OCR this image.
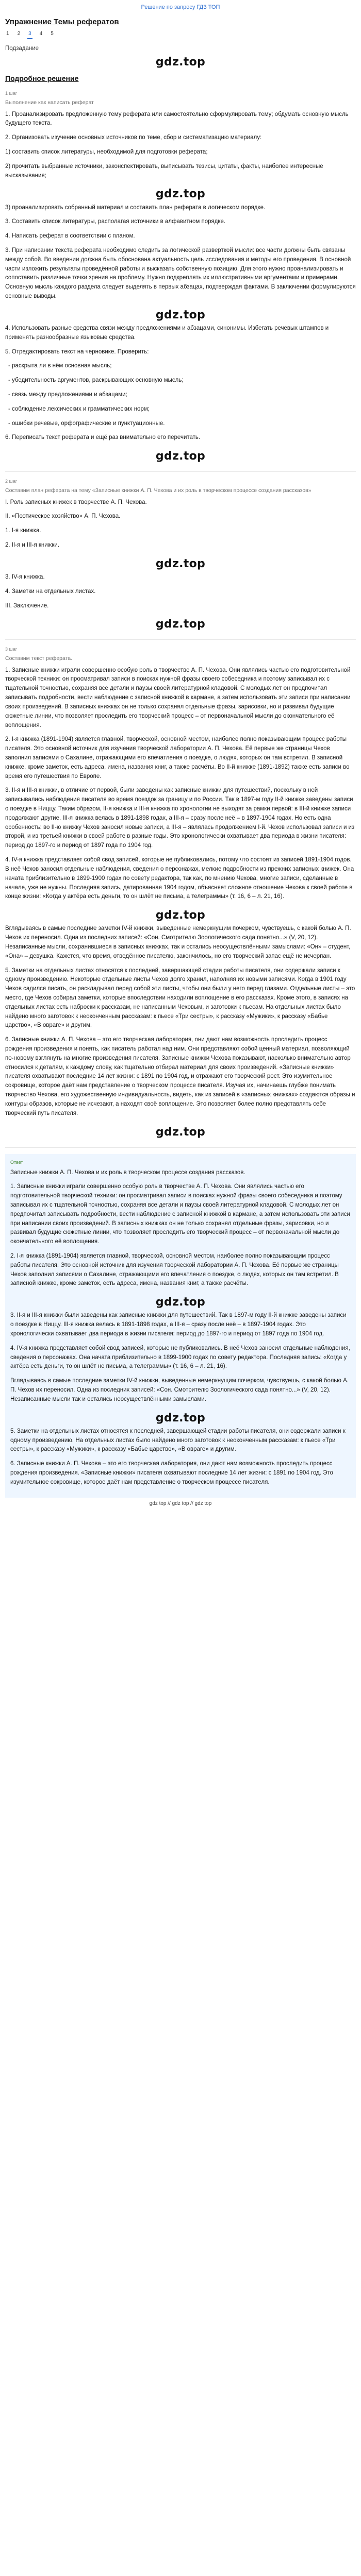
Решение по запросу ГДЗ ТОП
Упражнение Темы рефератов
1 2 3 4 5
Подзадание
gdz.top
Подробное решение
1 шаг
Выполнение как написать реферат

1. Проанализировать предложенную тему реферата или самостоятельно сформулировать тему; обдумать основную мысль будущего текста.

2. Организовать изучение основных источников по теме, сбор и систематизацию материалу:

1) составить список литературы, необходимой для подготовки реферата;

2) прочитать выбранные источники, законспектировать, выписывать тезисы, цитаты, факты, наиболее интересные высказывания;

gdz.top

3) проанализировать собранный материал и составить план реферата в логическом порядке.

3. Составить список литературы, располагая источники в алфавитном порядке.

4. Написать реферат в соответствии с планом.

3. При написании текста реферата необходимо следить за логической разверткой мысли: все части должны быть связаны между собой. Во введении должна быть обоснована актуальность цель исследования и методы его проведения. В основной части изложить результаты проведённой работы и высказать собственную позицию. Для этого нужно проанализировать и сопоставить различные точки зрения на проблему. Нужно подкреплять их иллюстративными аргументами и примерами. Основную мысль каждого раздела следует выделять в первых абзацах, подтверждая фактами. В заключении формулируются основные выводы.

gdz.top

4. Использовать разные средства связи между предложениями и абзацами, синонимы. Избегать речевых штампов и применять разнообразные языковые средства.

5. Отредактировать текст на черновике. Проверить:

- раскрыта ли в нём основная мысль;
- убедительность аргументов, раскрывающих основную мысль;
- связь между предложениями и абзацами;
- соблюдение лексических и грамматических норм;
- ошибки речевые, орфографические и пунктуационные.

6. Переписать текст реферата и ещё раз внимательно его перечитать.

gdz.top
2 шаг
Составим план реферата на тему «Записные книжки А. П. Чехова и их роль в творческом процессе создания рассказов»

I. Роль записных книжек в творчестве А. П. Чехова.

II. «Поэтическое хозяйство» А. П. Чехова.

1. I-я книжка.

2. II-я и III-я книжки.

gdz.top

3. IV-я книжка.

4. Заметки на отдельных листах.

III. Заключение.

gdz.top
3 шаг
Составим текст реферата.

1. Записные книжки играли совершенно особую роль в творчестве А. П. Чехова. Они являлись частью его подготовительной творческой техники: он просматривал записи в поисках нужной фразы своего собеседника и поэтому записывал их с тщательной точностью, сохраняя все детали и паузы своей литературной кладовой. С молодых лет он предпочитал записывать подробности, вести наблюдение с записной книжкой в кармане, а затем использовать эти записи при написании своих произведений. В записных книжках он не только сохранял отдельные фразы, зарисовки, но и развивал будущие сюжетные линии, что позволяет проследить его творческий процесс – от первоначальной мысли до окончательного её воплощения.

2. I-я книжка (1891-1904) является главной, творческой, основной местом, наиболее полно показывающим процесс работы писателя. Это основной источник для изучения творческой лаборатории А. П. Чехова. Её первые же страницы Чехов заполнил записями о Сахалине, отражающими его впечатления о поездке, о людях, которых он там встретил. В записной книжке, кроме заметок, есть адреса, имена, названия книг, а также расчёты. Во II-й книжке (1891-1892) также есть записи во время его путешествия по Европе.

3. II-я и III-я книжки, в отличие от первой, были заведены как записные книжки для путешествий, поскольку в ней записывались наблюдения писателя во время поездок за границу и по России. Так в 1897-м году II-й книжке заведены записи о поездке в Ниццу. Таким образом, II-я книжка и III-я книжка по хронологии не выходят за рамки первой: в III-й книжке записи продолжают другие. III-я книжка велась в 1891-1898 годах, а III-я – сразу после неё – в 1897-1904 годах. Но есть одна особенность: во II-ю книжку Чехов заносил новые записи, а III-я – являлась продолжением I-й. Чехов использовал записи и из второй, и из третьей книжки в своей работе в разные годы. Это хронологически охватывает два периода в жизни писателя: период до 1897-го и период от 1897 года по 1904 год.

4. IV-я книжка представляет собой свод записей, которые не публиковались, потому что состоят из записей 1891-1904 годов. В неё Чехов заносил отдельные наблюдения, сведения о персонажах, мелкие подробности из прежних записных книжек. Она начата приблизительно в 1899-1900 годах по совету редактора, так как, по мнению Чехова, многие записи, сделанные в начале, уже не нужны. Последняя запись, датированная 1904 годом, объясняет сложное отношение Чехова к своей работе в конце жизни: «Когда у актёра есть деньги, то он шлёт не письма, а телеграммы» (т. 16, 6 – л. 21, 16).

gdz.top

Вглядываясь в самые последние заметки IV-й книжки, выведенные немеркнущим почерком, чувствуешь, с какой болью А. П. Чехов их переносил. Одна из последних записей: «Сон. Смотрителю Зоологического сада понятно...» (V, 20, 12). Незаписанные мысли, сохранившиеся в записных книжках, так и остались неосуществлёнными замыслами: «Он» – студент, «Она» – девушка. Кажется, что время, отведённое писателю, закончилось, но его творческий запас ещё не исчерпан.

5. Заметки на отдельных листах относятся к последней, завершающей стадии работы писателя, они содержали записи к одному произведению. Некоторые отдельные листы Чехов долго хранил, наполняя их новыми записями. Когда в 1901 году Чехов садился писать, он раскладывал перед собой эти листы, чтобы они были у него перед глазами. Отдельные листы – это место, где Чехов собирал заметки, которые впоследствии находили воплощение в его рассказах. Кроме этого, в записях на отдельных листах есть наброски к рассказам, не написанным Чеховым, и заготовки к пьесам. На отдельных листах было найдено много заготовок к неоконченным рассказам: к пьесе «Три сестры», к рассказу «Мужики», к рассказу «Бабье царство», «В овраге» и другим.

6. Записные книжки А. П. Чехова – это его творческая лаборатория, они дают нам возможность проследить процесс рождения произведения и понять, как писатель работал над ним. Они представляют собой ценный материал, позволяющий по-новому взглянуть на многие произведения писателя. Записные книжки Чехова показывают, насколько внимательно автор относился к деталям, к каждому слову, как тщательно отбирал материал для своих произведений. «Записные книжки» писателя охватывают последние 14 лет жизни: с 1891 по 1904 год, и отражают его творческий рост. Это изумительное сокровище, которое даёт нам представление о творческом процессе писателя. Изучая их, начинаешь глубже понимать творчество Чехова, его художественную индивидуальность, видеть, как из записей в «записных книжках» создаются образы и контуры образов, которые не исчезают, а находят своё воплощение. Это позволяет более полно представлять себе творческий путь писателя.

gdz.top
Ответ

Записные книжки А. П. Чехова и их роль в творческом процессе создания рассказов.

1. Записные книжки играли совершенно особую роль в творчестве А. П. Чехова. Они являлись частью его подготовительной творческой техники: он просматривал записи в поисках нужной фразы своего собеседника и поэтому записывал их с тщательной точностью, сохраняя все детали и паузы своей литературной кладовой. С молодых лет он предпочитал записывать подробности, вести наблюдение с записной книжкой в кармане, а затем использовать эти записи при написании своих произведений. В записных книжках он не только сохранял отдельные фразы, зарисовки, но и развивал будущие сюжетные линии, что позволяет проследить его творческий процесс – от первоначальной мысли до окончательного её воплощения.

2. I-я книжка (1891-1904) является главной, творческой, основной местом, наиболее полно показывающим процесс работы писателя. Это основной источник для изучения творческой лаборатории А. П. Чехова. Её первые же страницы Чехов заполнил записями о Сахалине, отражающими его впечатления о поездке, о людях, которых он там встретил. В записной книжке, кроме заметок, есть адреса, имена, названия книг, а также расчёты.

gdz.top

3. II-я и III-я книжки были заведены как записные книжки для путешествий. Так в 1897-м году II-й книжке заведены записи о поездке в Ниццу. III-я книжка велась в 1891-1898 годах, а III-я – сразу после неё – в 1897-1904 годах. Это хронологически охватывает два периода в жизни писателя: период до 1897-го и период от 1897 года по 1904 год.

4. IV-я книжка представляет собой свод записей, которые не публиковались. В неё Чехов заносил отдельные наблюдения, сведения о персонажах. Она начата приблизительно в 1899-1900 годах по совету редактора. Последняя запись: «Когда у актёра есть деньги, то он шлёт не письма, а телеграммы» (т. 16, 6 – л. 21, 16).

Вглядываясь в самые последние заметки IV-й книжки, выведенные немеркнущим почерком, чувствуешь, с какой болью А. П. Чехов их переносил. Одна из последних записей: «Сон. Смотрителю Зоологического сада понятно...» (V, 20, 12). Незаписанные мысли так и остались неосуществлёнными замыслами.

gdz.top

5. Заметки на отдельных листах относятся к последней, завершающей стадии работы писателя, они содержали записи к одному произведению. На отдельных листах было найдено много заготовок к неоконченным рассказам: к пьесе «Три сестры», к рассказу «Мужики», к рассказу «Бабье царство», «В овраге» и другим.

6. Записные книжки А. П. Чехова – это его творческая лаборатория, они дают нам возможность проследить процесс рождения произведения. «Записные книжки» писателя охватывают последние 14 лет жизни: с 1891 по 1904 год. Это изумительное сокровище, которое даёт нам представление о творческом процессе писателя.

gdz top // gdz top // gdz top
